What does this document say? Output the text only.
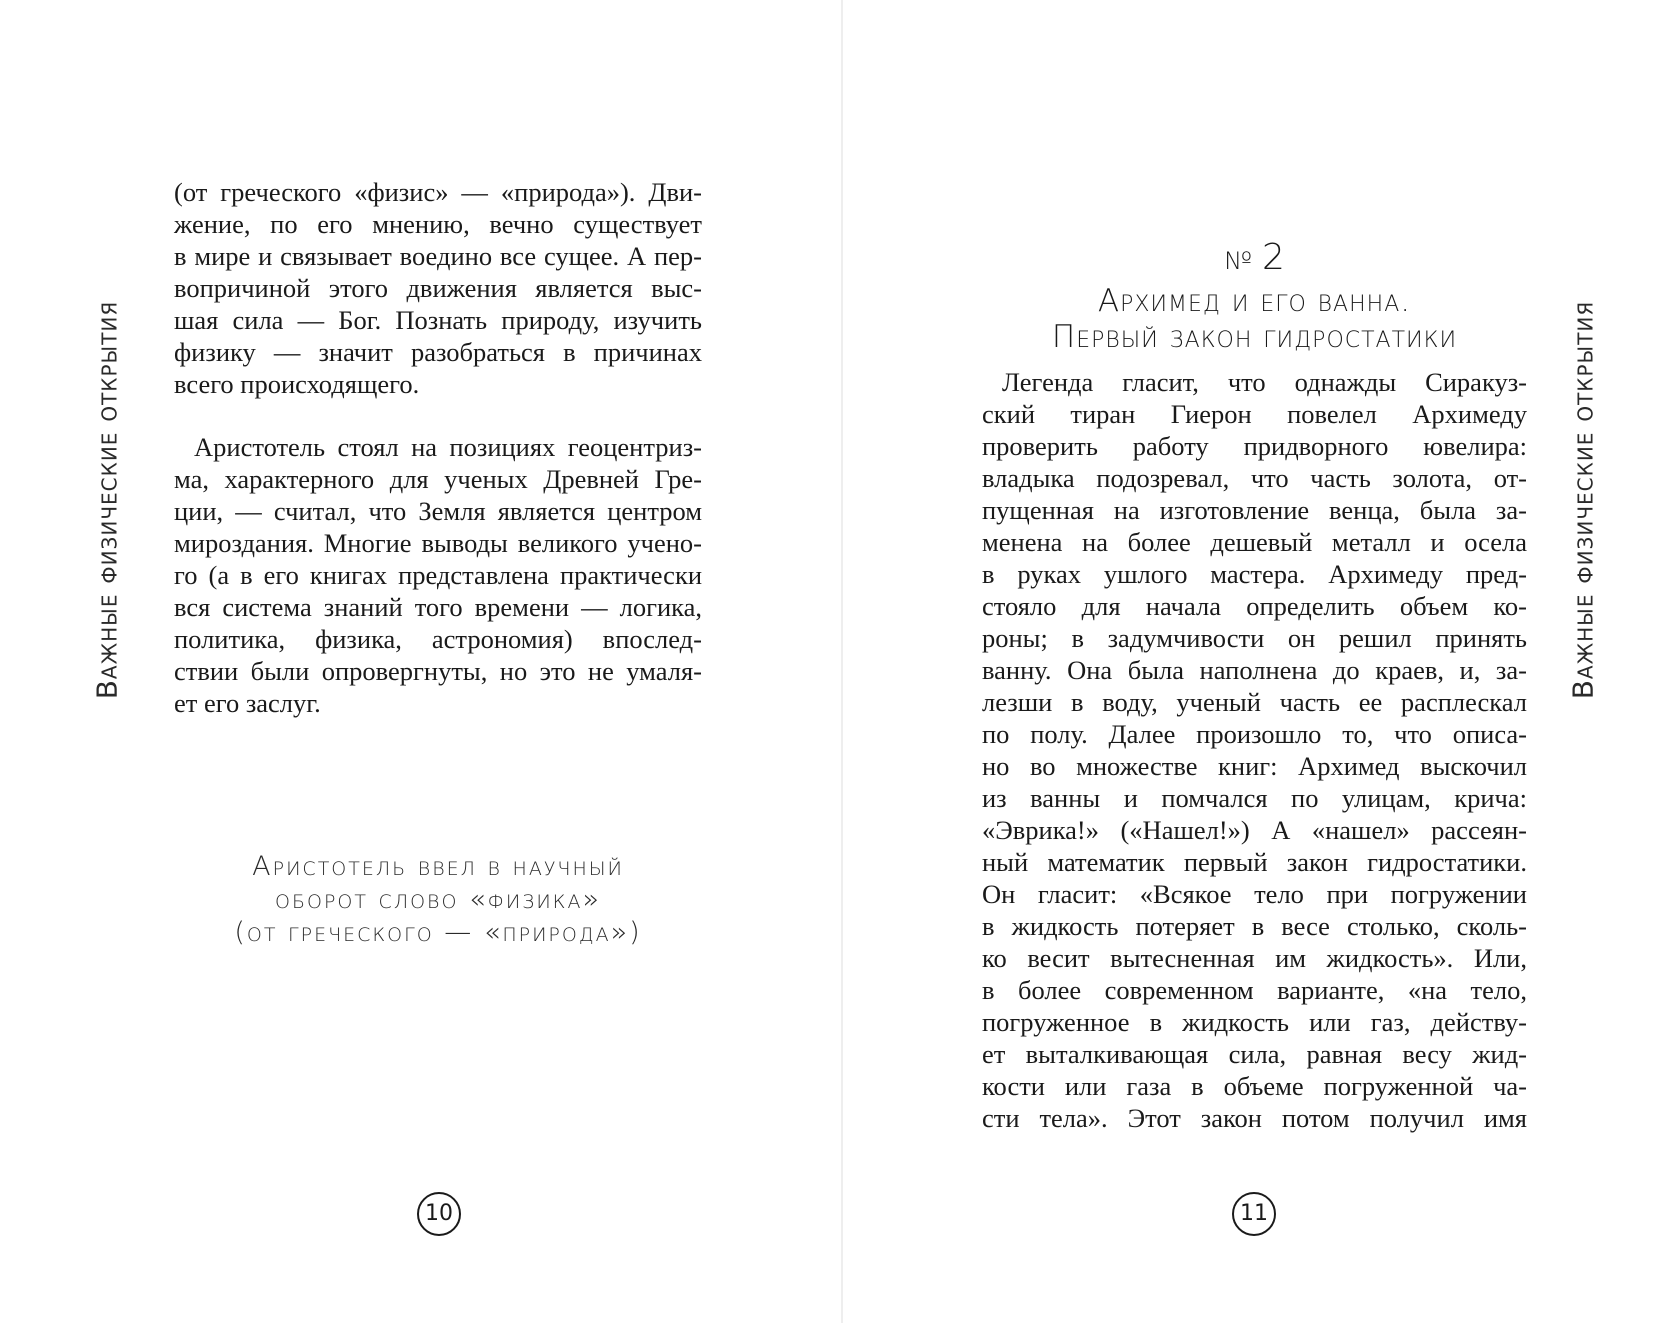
Важные физические открытия

(от греческого «физис» — «природа»). Дви-
жение, по его мнению, вечно существует
в мире и связывает воедино все сущее. А пер-
вопричиной этого движения является выс-
шая сила — Бог. Познать природу, изучить
физику — значит разобраться в причинах
всего происходящего.

Аристотель стоял на позициях геоцентриз-
ма, характерного для ученых Древней Гре-
ции, — считал, что Земля является центром
мироздания. Многие выводы великого учено-
го (а в его книгах представлена практически
вся система знаний того времени — логика,
политика, физика, астрономия) впослед-
ствии были опровергнуты, но это не умаля-
ет его заслуг.

Аристотель ввел в научный
оборот слово «физика»
(от греческого — «природа»)
10
№ 2
Архимед и его ванна.
Первый закон гидростатики

Легенда гласит, что однажды Сиракуз-
ский тиран Гиерон повелел Архимеду
проверить работу придворного ювелира:
владыка подозревал, что часть золота, от-
пущенная на изготовление венца, была за-
менена на более дешевый металл и осела
в руках ушлого мастера. Архимеду пред-
стояло для начала определить объем ко-
роны; в задумчивости он решил принять
ванну. Она была наполнена до краев, и, за-
лезши в воду, ученый часть ее расплескал
по полу. Далее произошло то, что описа-
но во множестве книг: Архимед выскочил
из ванны и помчался по улицам, крича:
«Эврика!» («Нашел!») А «нашел» рассеян-
ный математик первый закон гидростатики.
Он гласит: «Всякое тело при погружении
в жидкость потеряет в весе столько, сколь-
ко весит вытесненная им жидкость». Или,
в более современном варианте, «на тело,
погруженное в жидкость или газ, действу-
ет выталкивающая сила, равная весу жид-
кости или газа в объеме погруженной ча-
сти тела». Этот закон потом получил имя

Важные физические открытия
11
